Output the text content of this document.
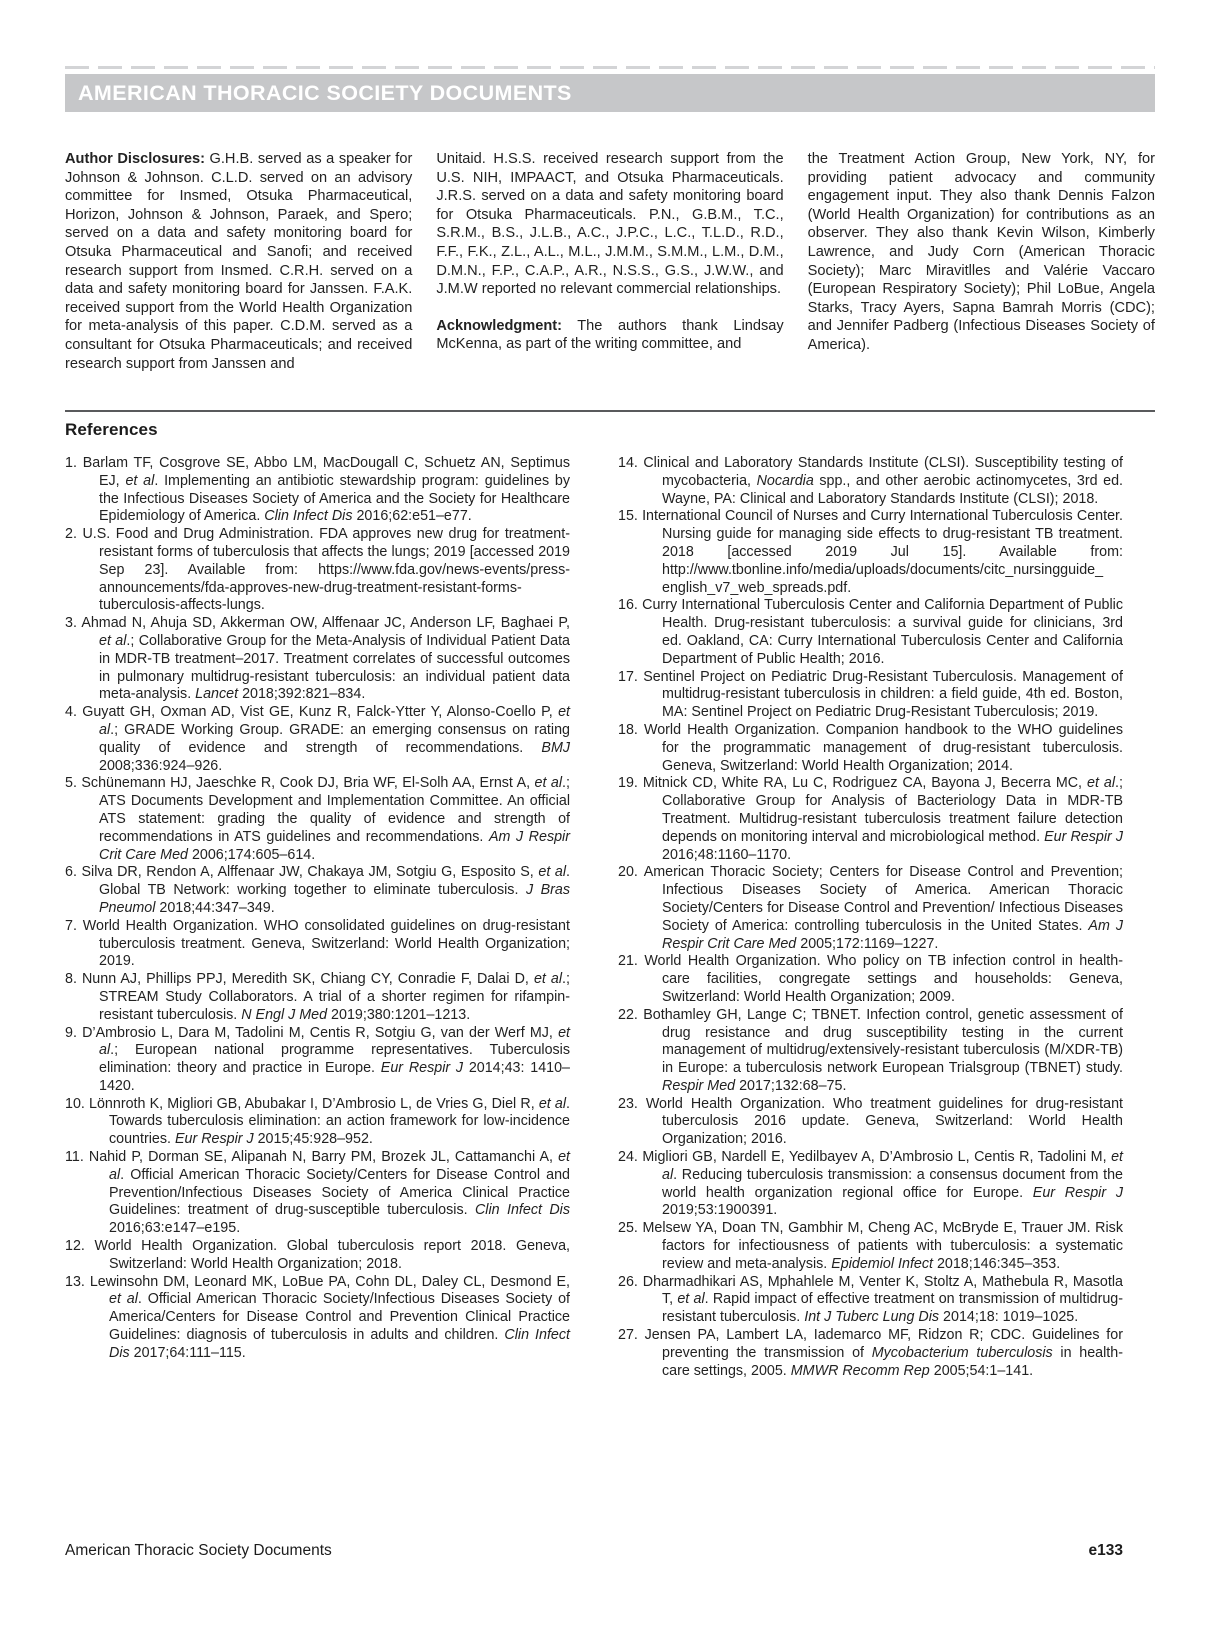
AMERICAN THORACIC SOCIETY DOCUMENTS

Author Disclosures: G.H.B. served as a speaker for Johnson & Johnson. C.L.D. served on an advisory committee for Insmed, Otsuka Pharmaceutical, Horizon, Johnson & Johnson, Paraek, and Spero; served on a data and safety monitoring board for Otsuka Pharmaceutical and Sanofi; and received research support from Insmed. C.R.H. served on a data and safety monitoring board for Janssen. F.A.K. received support from the World Health Organization for meta-analysis of this paper. C.D.M. served as a consultant for Otsuka Pharmaceuticals; and received research support from Janssen and

Unitaid. H.S.S. received research support from the U.S. NIH, IMPAACT, and Otsuka Pharmaceuticals. J.R.S. served on a data and safety monitoring board for Otsuka Pharmaceuticals. P.N., G.B.M., T.C., S.R.M., B.S., J.L.B., A.C., J.P.C., L.C., T.L.D., R.D., F.F., F.K., Z.L., A.L., M.L., J.M.M., S.M.M., L.M., D.M., D.M.N., F.P., C.A.P., A.R., N.S.S., G.S., J.W.W., and J.M.W reported no relevant commercial relationships.

Acknowledgment: The authors thank Lindsay McKenna, as part of the writing committee, and

the Treatment Action Group, New York, NY, for providing patient advocacy and community engagement input. They also thank Dennis Falzon (World Health Organization) for contributions as an observer. They also thank Kevin Wilson, Kimberly Lawrence, and Judy Corn (American Thoracic Society); Marc Miravitlles and Valérie Vaccaro (European Respiratory Society); Phil LoBue, Angela Starks, Tracy Ayers, Sapna Bamrah Morris (CDC); and Jennifer Padberg (Infectious Diseases Society of America).

References
1. Barlam TF, Cosgrove SE, Abbo LM, MacDougall C, Schuetz AN, Septimus EJ, et al. Implementing an antibiotic stewardship program: guidelines by the Infectious Diseases Society of America and the Society for Healthcare Epidemiology of America. Clin Infect Dis 2016;62:e51–e77.
2. U.S. Food and Drug Administration. FDA approves new drug for treatment-resistant forms of tuberculosis that affects the lungs; 2019 [accessed 2019 Sep 23]. Available from: https://www.fda.gov/news-events/press-announcements/fda-approves-new-drug-treatment-resistant-forms-tuberculosis-affects-lungs.
3. Ahmad N, Ahuja SD, Akkerman OW, Alffenaar JC, Anderson LF, Baghaei P, et al.; Collaborative Group for the Meta-Analysis of Individual Patient Data in MDR-TB treatment–2017. Treatment correlates of successful outcomes in pulmonary multidrug-resistant tuberculosis: an individual patient data meta-analysis. Lancet 2018;392:821–834.
4. Guyatt GH, Oxman AD, Vist GE, Kunz R, Falck-Ytter Y, Alonso-Coello P, et al.; GRADE Working Group. GRADE: an emerging consensus on rating quality of evidence and strength of recommendations. BMJ 2008;336:924–926.
5. Schünemann HJ, Jaeschke R, Cook DJ, Bria WF, El-Solh AA, Ernst A, et al.; ATS Documents Development and Implementation Committee. An official ATS statement: grading the quality of evidence and strength of recommendations in ATS guidelines and recommendations. Am J Respir Crit Care Med 2006;174:605–614.
6. Silva DR, Rendon A, Alffenaar JW, Chakaya JM, Sotgiu G, Esposito S, et al. Global TB Network: working together to eliminate tuberculosis. J Bras Pneumol 2018;44:347–349.
7. World Health Organization. WHO consolidated guidelines on drug-resistant tuberculosis treatment. Geneva, Switzerland: World Health Organization; 2019.
8. Nunn AJ, Phillips PPJ, Meredith SK, Chiang CY, Conradie F, Dalai D, et al.; STREAM Study Collaborators. A trial of a shorter regimen for rifampin-resistant tuberculosis. N Engl J Med 2019;380:1201–1213.
9. D’Ambrosio L, Dara M, Tadolini M, Centis R, Sotgiu G, van der Werf MJ, et al.; European national programme representatives. Tuberculosis elimination: theory and practice in Europe. Eur Respir J 2014;43: 1410–1420.
10. Lönnroth K, Migliori GB, Abubakar I, D’Ambrosio L, de Vries G, Diel R, et al. Towards tuberculosis elimination: an action framework for low-incidence countries. Eur Respir J 2015;45:928–952.
11. Nahid P, Dorman SE, Alipanah N, Barry PM, Brozek JL, Cattamanchi A, et al. Official American Thoracic Society/Centers for Disease Control and Prevention/Infectious Diseases Society of America Clinical Practice Guidelines: treatment of drug-susceptible tuberculosis. Clin Infect Dis 2016;63:e147–e195.
12. World Health Organization. Global tuberculosis report 2018. Geneva, Switzerland: World Health Organization; 2018.
13. Lewinsohn DM, Leonard MK, LoBue PA, Cohn DL, Daley CL, Desmond E, et al. Official American Thoracic Society/Infectious Diseases Society of America/Centers for Disease Control and Prevention Clinical Practice Guidelines: diagnosis of tuberculosis in adults and children. Clin Infect Dis 2017;64:111–115.
14. Clinical and Laboratory Standards Institute (CLSI). Susceptibility testing of mycobacteria, Nocardia spp., and other aerobic actinomycetes, 3rd ed. Wayne, PA: Clinical and Laboratory Standards Institute (CLSI); 2018.
15. International Council of Nurses and Curry International Tuberculosis Center. Nursing guide for managing side effects to drug-resistant TB treatment. 2018 [accessed 2019 Jul 15]. Available from: http://www.tbonline.info/media/uploads/documents/citc_nursingguide_ english_v7_web_spreads.pdf.
16. Curry International Tuberculosis Center and California Department of Public Health. Drug-resistant tuberculosis: a survival guide for clinicians, 3rd ed. Oakland, CA: Curry International Tuberculosis Center and California Department of Public Health; 2016.
17. Sentinel Project on Pediatric Drug-Resistant Tuberculosis. Management of multidrug-resistant tuberculosis in children: a field guide, 4th ed. Boston, MA: Sentinel Project on Pediatric Drug-Resistant Tuberculosis; 2019.
18. World Health Organization. Companion handbook to the WHO guidelines for the programmatic management of drug-resistant tuberculosis. Geneva, Switzerland: World Health Organization; 2014.
19. Mitnick CD, White RA, Lu C, Rodriguez CA, Bayona J, Becerra MC, et al.; Collaborative Group for Analysis of Bacteriology Data in MDR-TB Treatment. Multidrug-resistant tuberculosis treatment failure detection depends on monitoring interval and microbiological method. Eur Respir J 2016;48:1160–1170.
20. American Thoracic Society; Centers for Disease Control and Prevention; Infectious Diseases Society of America. American Thoracic Society/Centers for Disease Control and Prevention/ Infectious Diseases Society of America: controlling tuberculosis in the United States. Am J Respir Crit Care Med 2005;172:1169–1227.
21. World Health Organization. Who policy on TB infection control in health-care facilities, congregate settings and households: Geneva, Switzerland: World Health Organization; 2009.
22. Bothamley GH, Lange C; TBNET. Infection control, genetic assessment of drug resistance and drug susceptibility testing in the current management of multidrug/extensively-resistant tuberculosis (M/XDR-TB) in Europe: a tuberculosis network European Trialsgroup (TBNET) study. Respir Med 2017;132:68–75.
23. World Health Organization. Who treatment guidelines for drug-resistant tuberculosis 2016 update. Geneva, Switzerland: World Health Organization; 2016.
24. Migliori GB, Nardell E, Yedilbayev A, D’Ambrosio L, Centis R, Tadolini M, et al. Reducing tuberculosis transmission: a consensus document from the world health organization regional office for Europe. Eur Respir J 2019;53:1900391.
25. Melsew YA, Doan TN, Gambhir M, Cheng AC, McBryde E, Trauer JM. Risk factors for infectiousness of patients with tuberculosis: a systematic review and meta-analysis. Epidemiol Infect 2018;146:345–353.
26. Dharmadhikari AS, Mphahlele M, Venter K, Stoltz A, Mathebula R, Masotla T, et al. Rapid impact of effective treatment on transmission of multidrug-resistant tuberculosis. Int J Tuberc Lung Dis 2014;18: 1019–1025.
27. Jensen PA, Lambert LA, Iademarco MF, Ridzon R; CDC. Guidelines for preventing the transmission of Mycobacterium tuberculosis in health-care settings, 2005. MMWR Recomm Rep 2005;54:1–141.
American Thoracic Society Documents	e133
